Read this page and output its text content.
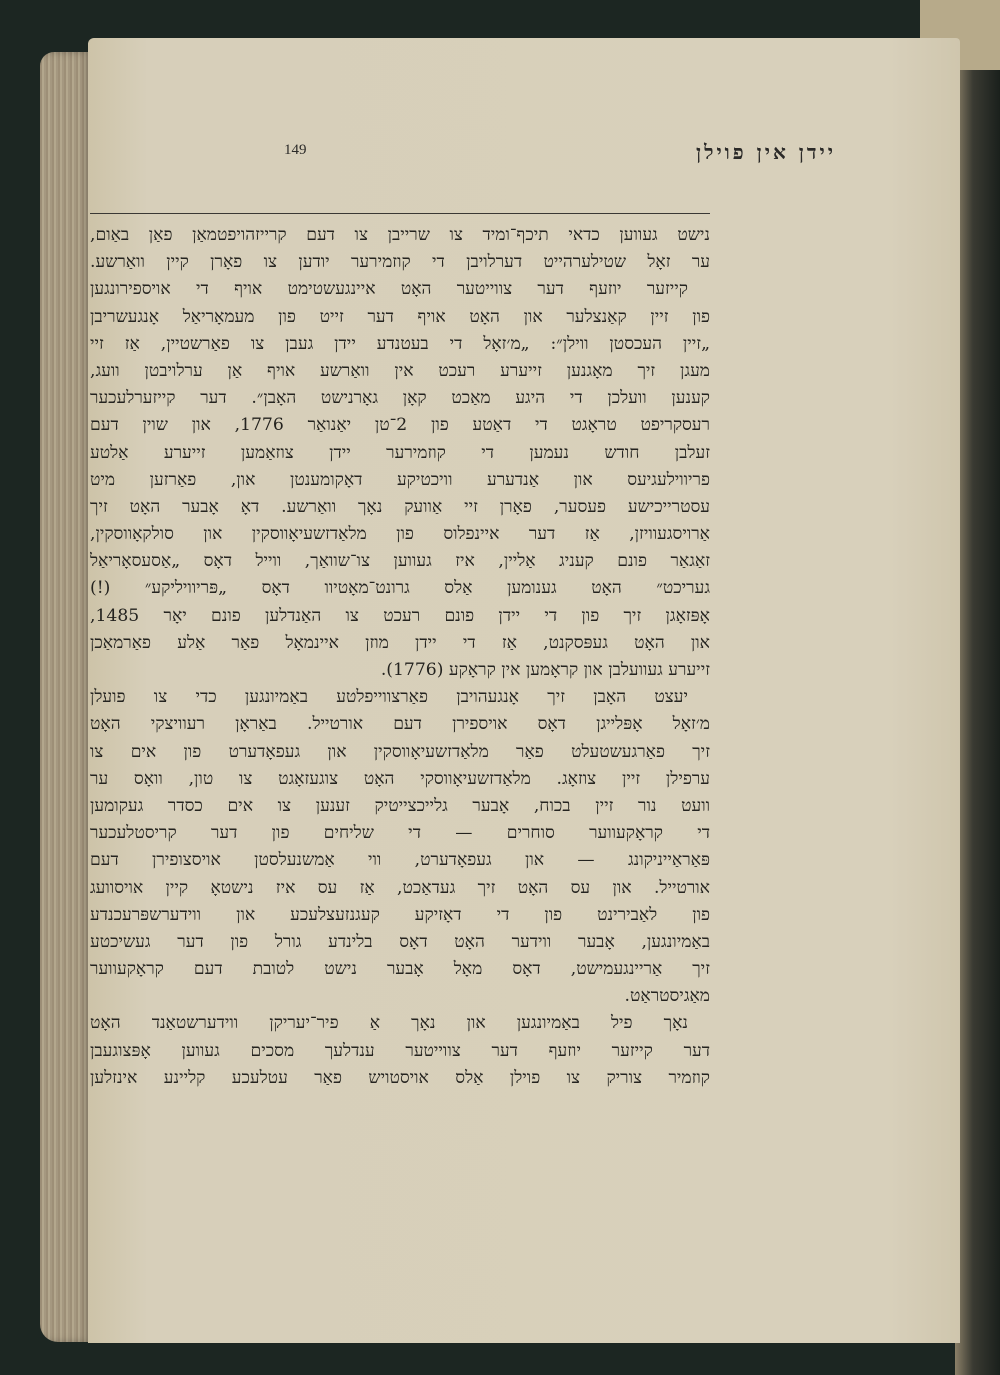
149	יידן אין פוילן
נישט געווען כדאי תיכף־ומיד צו שרייבן צו דעם קרייזהויפטמאַן פאַן באַום,
ער זאָל שטילערהייט דערלויבן די קוזמירער יודען צו פאָרן קיין וואַרשע.
קייזער יוזעף דער צווייטער האָט איינגעשטימט אויף די אויספירונגען
פון זיין קאַנצלער און האָט אויף דער זייט פון מעמאָריאַל אָנגעשריבן
„זיין העכסטן ווילן״: „מ׳זאָל די בעטנדע יידן געבן צו פאַרשטיין, אַז זיי
מעגן זיך מאָגנען זייערע רעכט אין וואַרשע אויף אַן ערלויבטן וועג,
קענען וועלכן די היגע מאַכט קאָן גאָרנישט האָבן״. דער קייזערלעכער
רעסקריפט טראָגט די דאַטע פון 2־טן יאַנואַר 1776, און שוין דעם
זעלבן חודש נעמען די קוזמירער יידן צוזאַמען זייערע אַלטע
פריווילעגיעס און אַנדערע וויכטיקע דאָקומענטן און, פאַרזען מיט
עסטרייכישע פעסער, פאָרן זיי אַוועק נאָך וואַרשע. דאָ אָבער האָט זיך
אַרויסגעוויזן, אַז דער איינפלוס פון מלאַדזשעיאָווסקין און סולקאָווסקין,
זאַגאַר פונם קעניג אַליין, איז געווען צו־שוואַך, ווייל דאָס „אַסעסאָריאַל
געריכט״ האָט גענומען אַלס גרונט־מאָטיוו דאָס „פּריוויליקע״ (!)
אָפּזאָגן זיך פון די יידן פונם רעכט צו האַנדלען פונם יאָר 1485,
און האָט געפּסקנט, אַז די יידן מוזן איינמאָל פאַר אַלע פאַרמאַכן
זייערע געוועלבן און קראָמען אין קראָקע (1776).
יעצט האָבן זיך אָנגעהויבן פאַרצווייפלטע באַמיונגען כדי צו פועלן
מ׳זאָל אָפּלייגן דאָס אויספירן דעם אורטייל. באַראָן רעוויצקי האָט
זיך פאַרגעשטעלט פאַר מלאַדזשעיאָווסקין און געפאָדערט פון אים צו
ערפילן זיין צוזאָג. מלאַדזשעיאָווסקי האָט צוגעזאָגט צו טון, וואָס ער
וועט נור זיין בכוח, אָבער גלייכצייטיק זענען צו אים כסדר געקומען
די קראָקעווער סוחרים — די שליחים פון דער קריסטלעכער
פּאַראַייניקונג — און געפאָדערט, ווי אַמשנעלסטן אויסצופירן דעם
אורטייל. און עס האָט זיך געדאַכט, אַז עס איז נישטאָ קיין אויסוועג
פון לאַבירינט פון די דאָזיקע קעגנזעצלעכע און ווידערשפּרעכנדע
באַמיונגען, אָבער ווידער האָט דאָס בלינדע גורל פון דער געשיכטע
זיך אַריינגעמישט, דאָס מאָל אָבער נישט לטובת דעם קראָקעווער
מאַגיסטראַט.
נאָך פיל באַמיונגען און נאָך אַ פיר־יעריקן ווידערשטאַנד האָט
דער קייזער יוזעף דער צווייטער ענדלעך מסכים געווען אָפּצוגעבן
קוזמיר צוריק צו פוילן אַלס אויסטויש פאַר עטלעכע קליינע אינזלען
